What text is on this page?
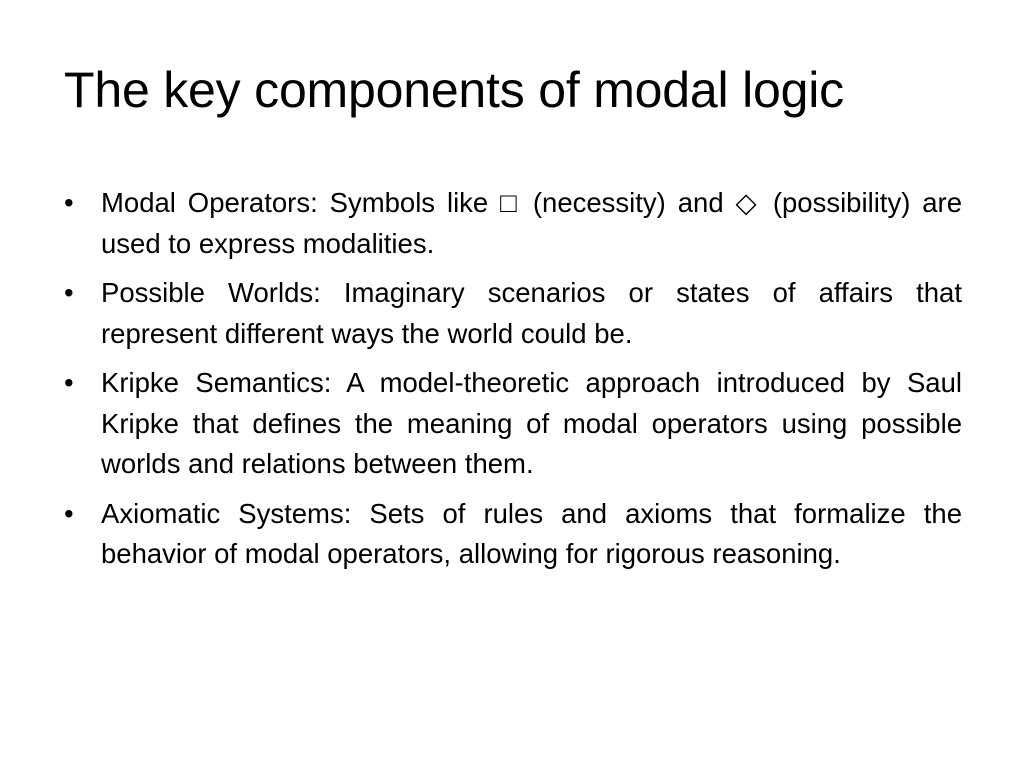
The key components of modal logic
• Modal Operators: Symbols like □ (necessity) and ◇ (possibility) are used to express modalities.
• Possible Worlds: Imaginary scenarios or states of affairs that represent different ways the world could be.
• Kripke Semantics: A model-theoretic approach introduced by Saul Kripke that defines the meaning of modal operators using possible worlds and relations between them.
• Axiomatic Systems: Sets of rules and axioms that formalize the behavior of modal operators, allowing for rigorous reasoning.
